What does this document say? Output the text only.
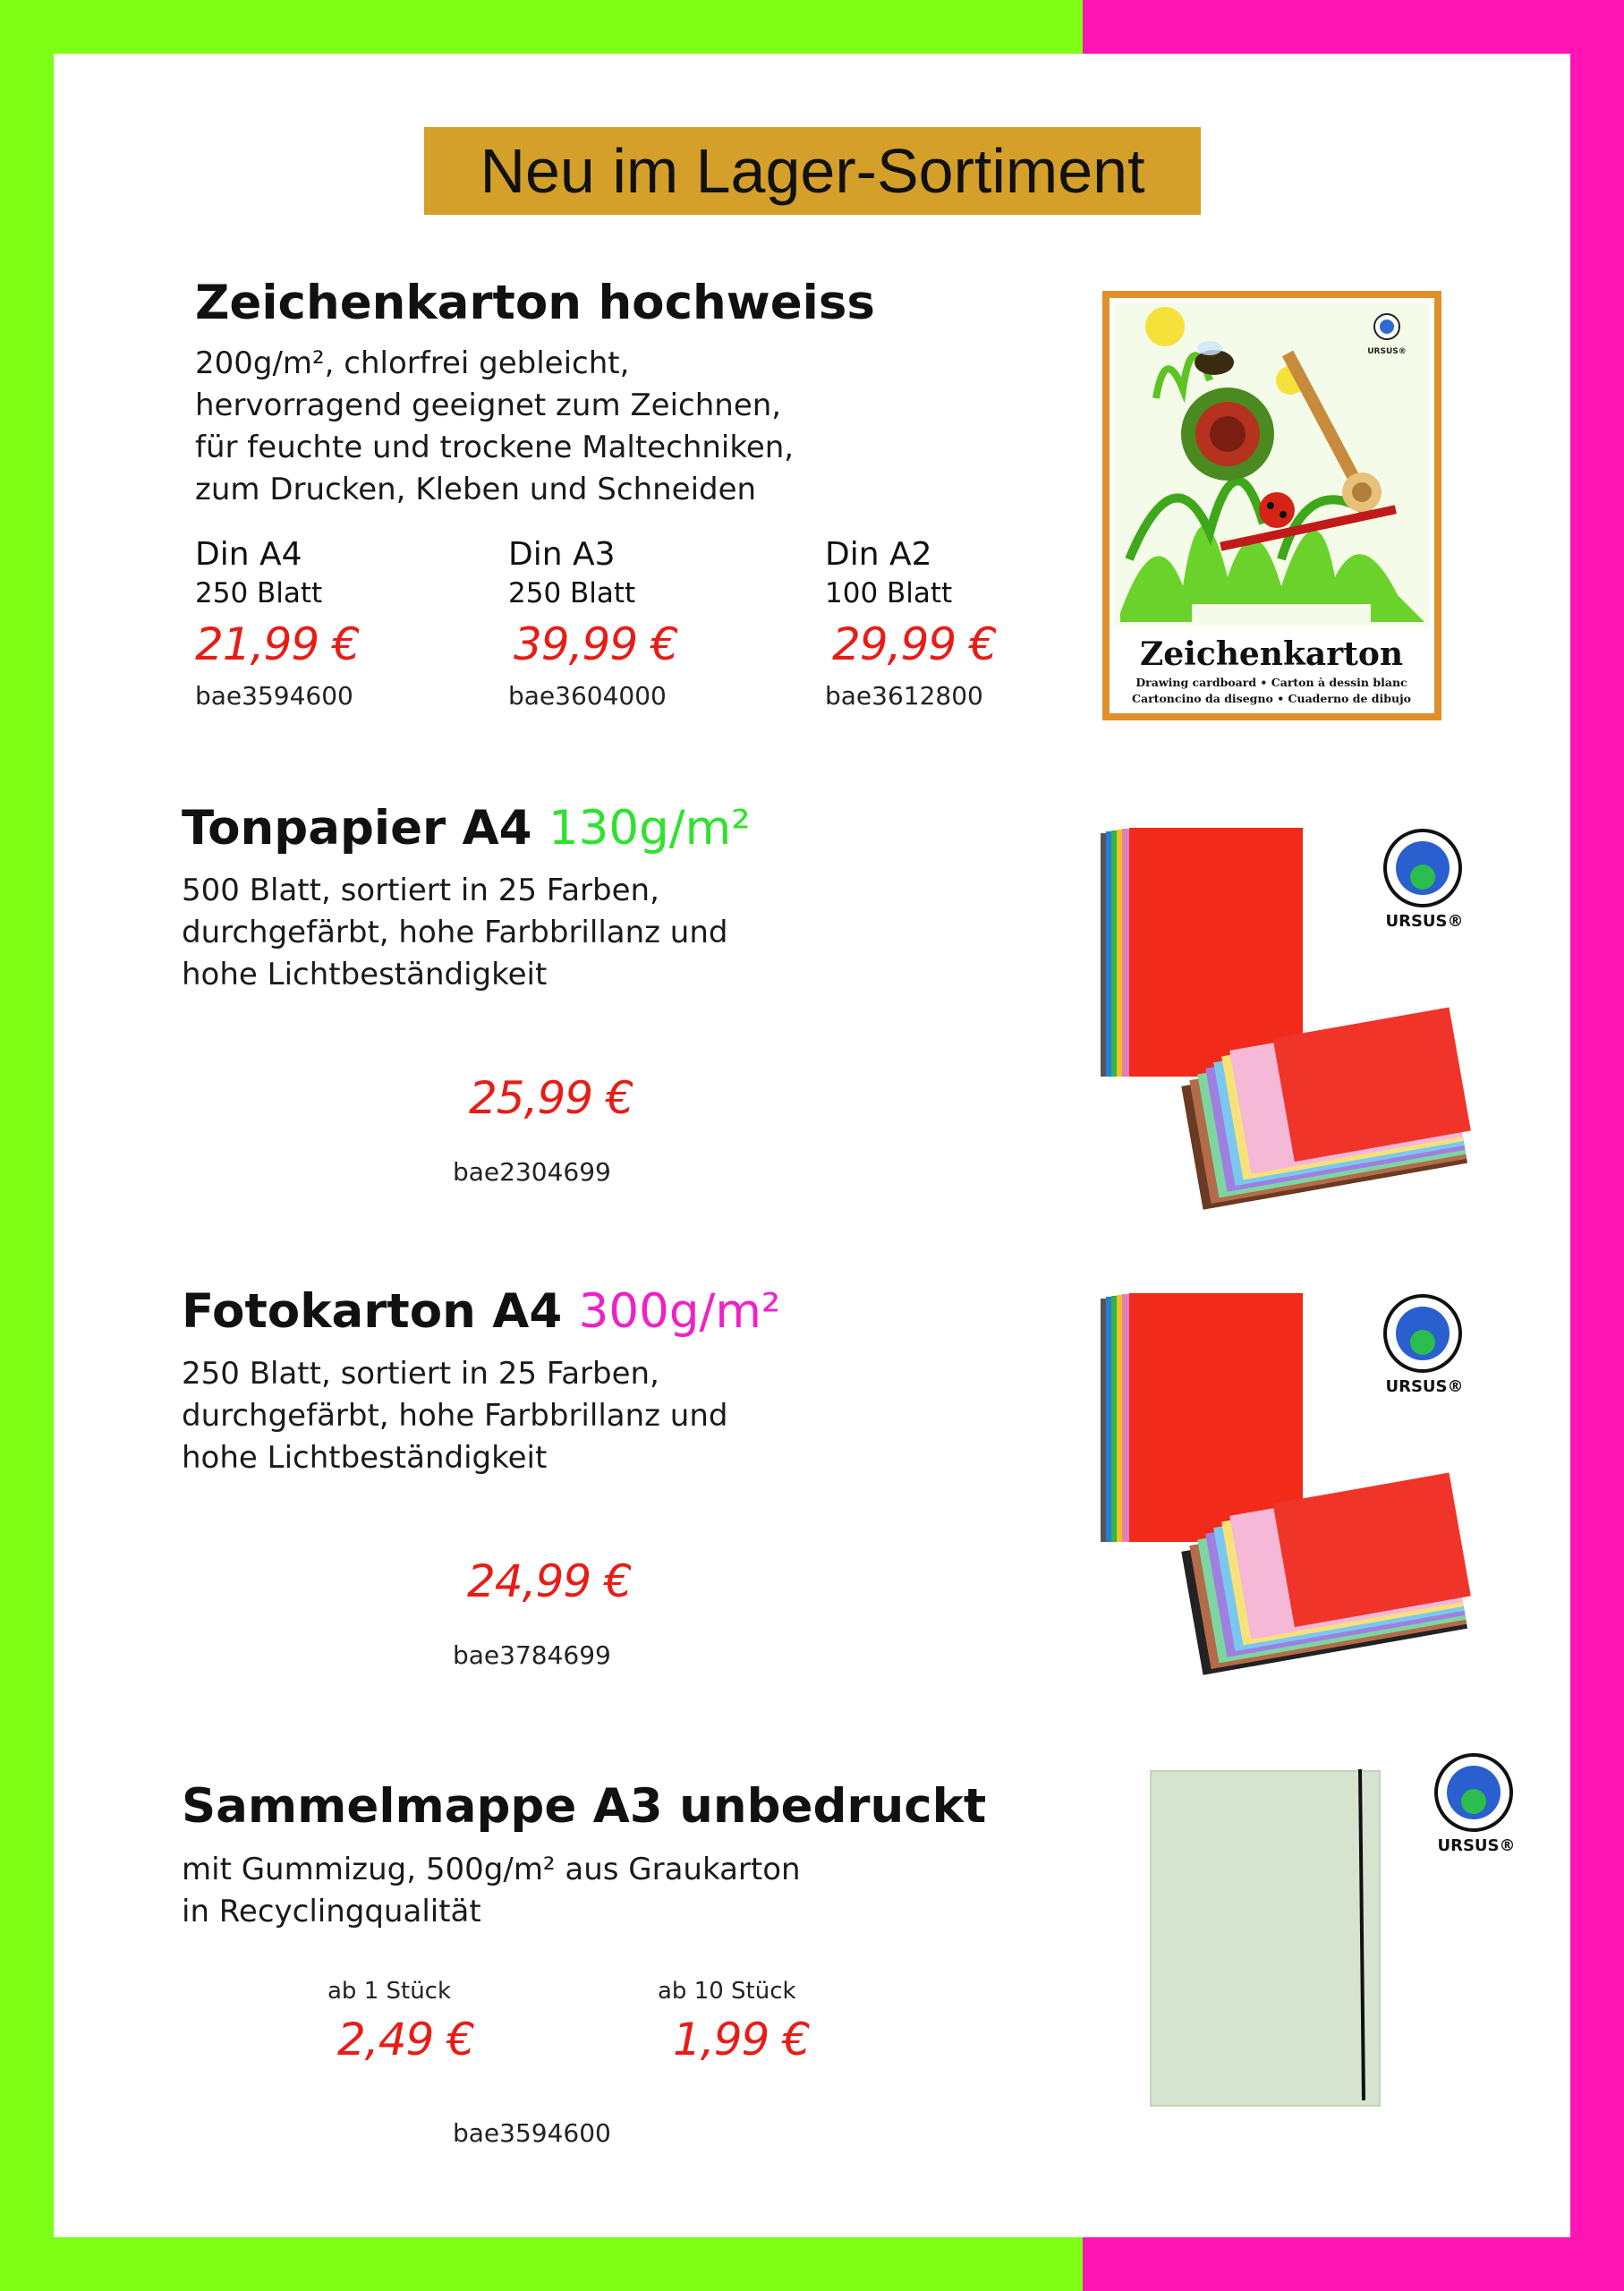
Neu im Lager-Sortiment
Zeichenkarton hochweiss
200g/m², chlorfrei gebleicht,
hervorragend geeignet zum Zeichnen,
für feuchte und trockene Maltechniken,
zum Drucken, Kleben und Schneiden
Din A4
250 Blatt
21,99 €
bae3594600
Din A3
250 Blatt
39,99 €
bae3604000
Din A2
100 Blatt
29,99 €
bae3612800
URSUS®
Zeichenkarton
Drawing cardboard • Carton à dessin blanc
Cartoncino da disegno • Cuaderno de dibujo
Tonpapier A4 130g/m²
500 Blatt, sortiert in 25 Farben,
durchgefärbt, hohe Farbbrillanz und
hohe Lichtbeständigkeit
25,99 €
bae2304699
URSUS®
Fotokarton A4 300g/m²
250 Blatt, sortiert in 25 Farben,
durchgefärbt, hohe Farbbrillanz und
hohe Lichtbeständigkeit
24,99 €
bae3784699
URSUS®
Sammelmappe A3 unbedruckt
mit Gummizug, 500g/m² aus Graukarton
in Recyclingqualität
ab 1 Stück
2,49 €
ab 10 Stück
1,99 €
bae3594600
URSUS®
